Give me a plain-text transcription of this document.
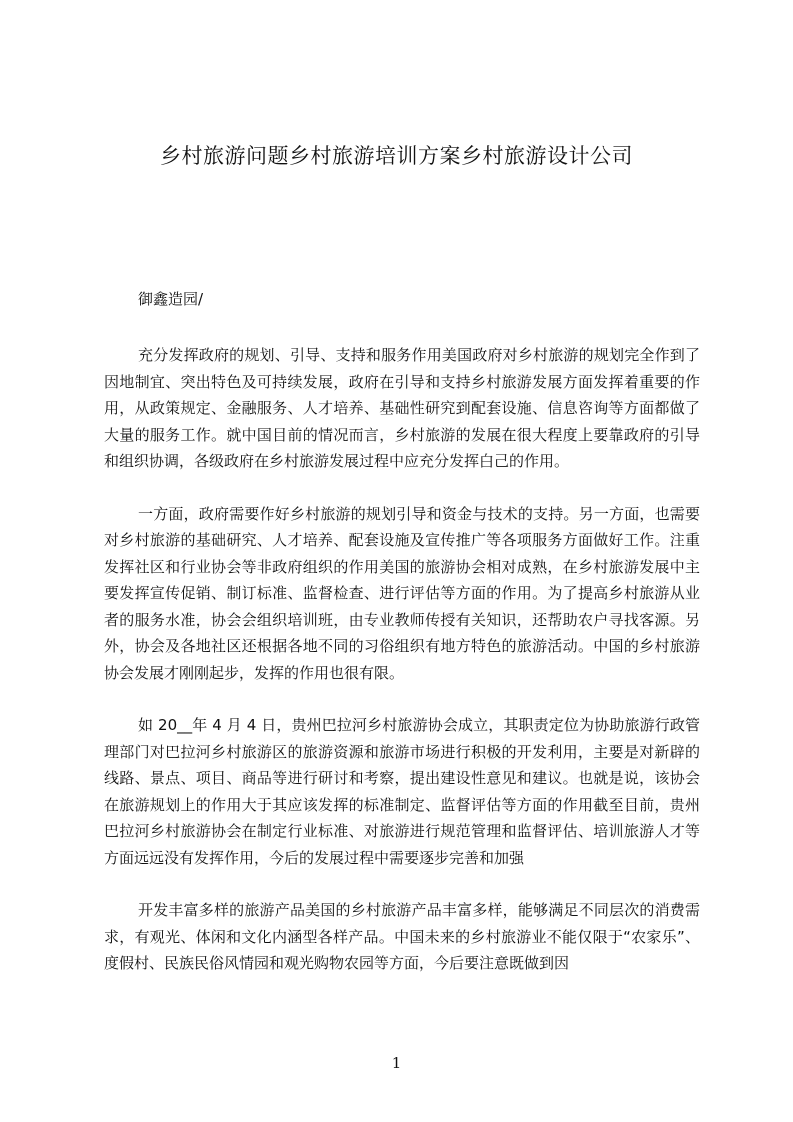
乡村旅游问题乡村旅游培训方案乡村旅游设计公司

御鑫造园/

充分发挥政府的规划、引导、支持和服务作用美国政府对乡村旅游的规划完全作到了因地制宜、突出特色及可持续发展，政府在引导和支持乡村旅游发展方面发挥着重要的作用，从政策规定、金融服务、人才培养、基础性研究到配套设施、信息咨询等方面都做了大量的服务工作。就中国目前的情况而言，乡村旅游的发展在很大程度上要靠政府的引导和组织协调，各级政府在乡村旅游发展过程中应充分发挥白己的作用。

一方面，政府需要作好乡村旅游的规划引导和资金与技术的支持。另一方面，也需要对乡村旅游的基础研究、人才培养、配套设施及宣传推广等各项服务方面做好工作。注重发挥社区和行业协会等非政府组织的作用美国的旅游协会相对成熟，在乡村旅游发展中主要发挥宣传促销、制订标准、监督检查、进行评估等方面的作用。为了提高乡村旅游从业者的服务水准，协会会组织培训班，由专业教师传授有关知识，还帮助农户寻找客源。另外，协会及各地社区还根据各地不同的习俗组织有地方特色的旅游活动。中国的乡村旅游协会发展才刚刚起步，发挥的作用也很有限。

如 20__年 4 月 4 日，贵州巴拉河乡村旅游协会成立，其职责定位为协助旅游行政管理部门对巴拉河乡村旅游区的旅游资源和旅游市场进行积极的开发利用，主要是对新辟的线路、景点、项目、商品等进行研讨和考察，提出建设性意见和建议。也就是说，该协会在旅游规划上的作用大于其应该发挥的标准制定、监督评估等方面的作用截至目前，贵州巴拉河乡村旅游协会在制定行业标准、对旅游进行规范管理和监督评估、培训旅游人才等方面远远没有发挥作用，今后的发展过程中需要逐步完善和加强

开发丰富多样的旅游产品美国的乡村旅游产品丰富多样，能够满足不同层次的消费需求，有观光、体闲和文化内涵型各样产品。中国未来的乡村旅游业不能仅限于“农家乐”、度假村、民族民俗风情园和观光购物农园等方面，今后要注意既做到因

1
